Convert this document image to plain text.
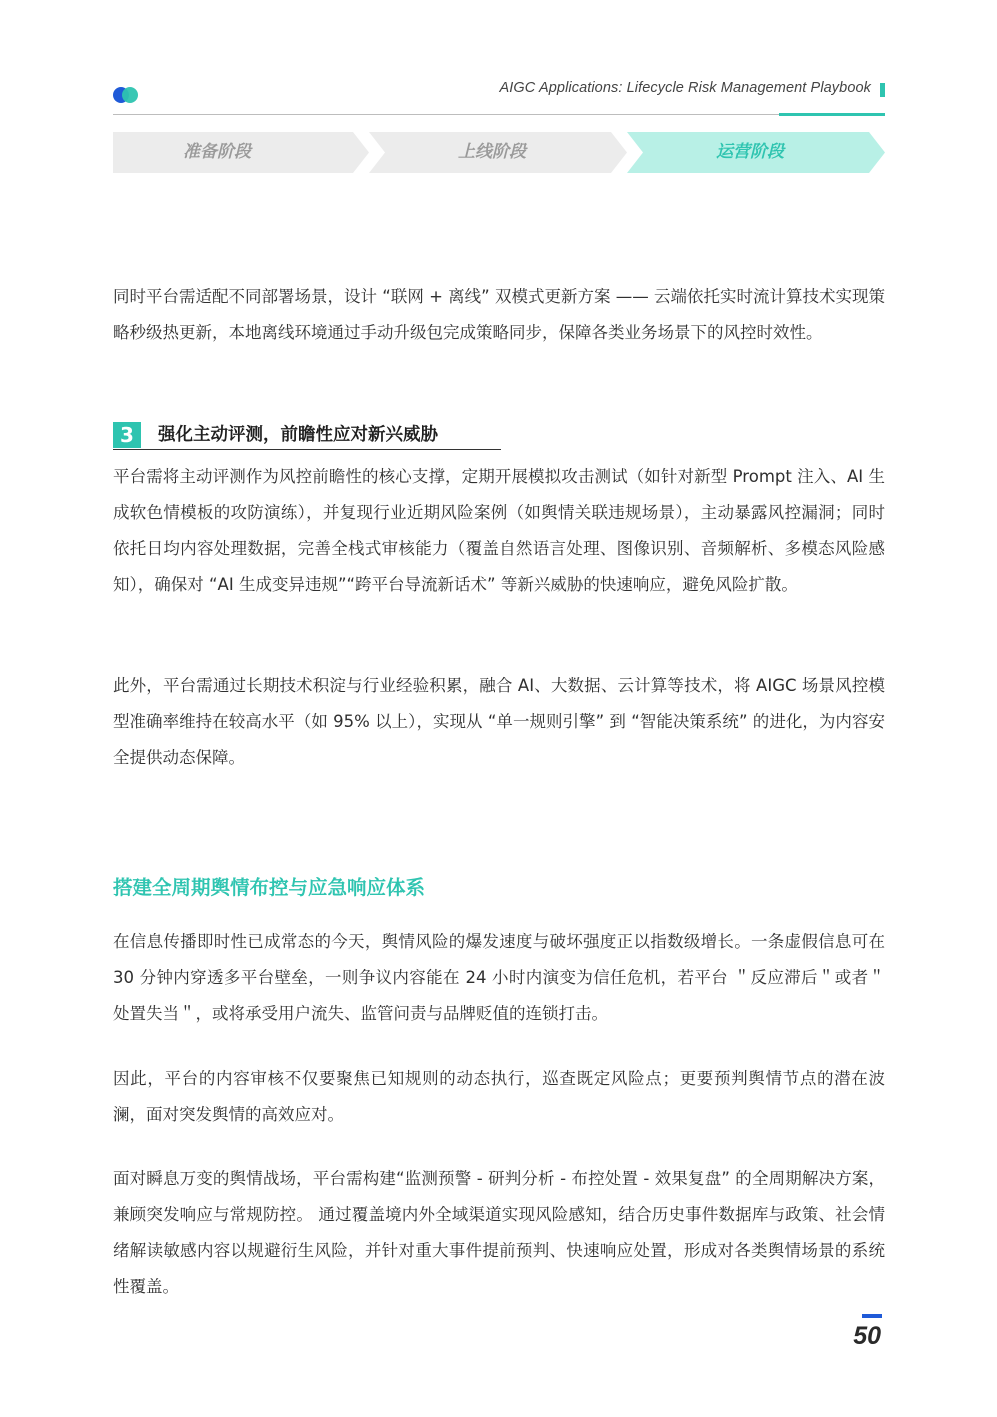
AIGC Applications: Lifecycle Risk Management Playbook
准备阶段	上线阶段	运营阶段

同时平台需适配不同部署场景，设计 “联网 + 离线” 双模式更新方案 —— 云端依托实时流计算技术实现策略秒级热更新，本地离线环境通过手动升级包完成策略同步，保障各类业务场景下的风控时效性。

3	强化主动评测，前瞻性应对新兴威胁

平台需将主动评测作为风控前瞻性的核心支撑，定期开展模拟攻击测试（如针对新型 Prompt 注入、AI 生成软色情模板的攻防演练），并复现行业近期风险案例（如舆情关联违规场景），主动暴露风控漏洞；同时依托日均内容处理数据，完善全栈式审核能力（覆盖自然语言处理、图像识别、音频解析、多模态风险感知），确保对 “AI 生成变异违规”“跨平台导流新话术” 等新兴威胁的快速响应，避免风险扩散。

此外，平台需通过长期技术积淀与行业经验积累，融合 AI、大数据、云计算等技术，将 AIGC 场景风控模型准确率维持在较高水平（如 95% 以上），实现从 “单一规则引擎” 到 “智能决策系统” 的进化，为内容安全提供动态保障。

搭建全周期舆情布控与应急响应体系

在信息传播即时性已成常态的今天，舆情风险的爆发速度与破坏强度正以指数级增长。一条虚假信息可在 30 分钟内穿透多平台壁垒，一则争议内容能在 24 小时内演变为信任危机，若平台 ＂反应滞后＂或者＂处置失当＂，或将承受用户流失、监管问责与品牌贬值的连锁打击。

因此，平台的内容审核不仅要聚焦已知规则的动态执行，巡查既定风险点；更要预判舆情节点的潜在波澜，面对突发舆情的高效应对。

面对瞬息万变的舆情战场，平台需构建“监测预警 - 研判分析 - 布控处置 - 效果复盘” 的全周期解决方案，兼顾突发响应与常规防控。 通过覆盖境内外全域渠道实现风险感知，结合历史事件数据库与政策、社会情绪解读敏感内容以规避衍生风险，并针对重大事件提前预判、快速响应处置，形成对各类舆情场景的系统性覆盖。

50
